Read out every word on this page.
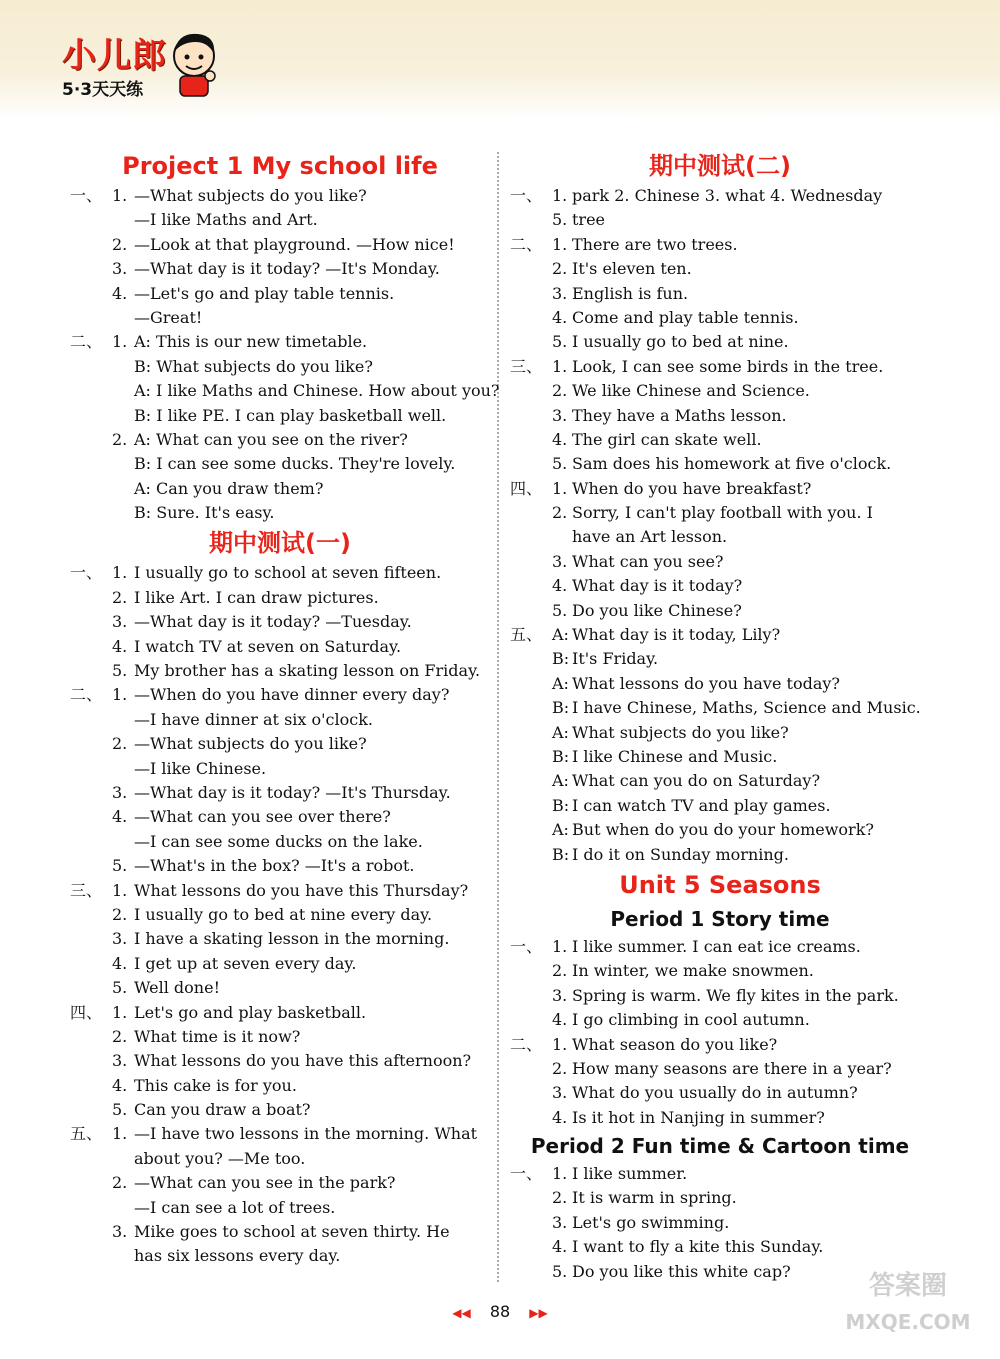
小儿郎
5·3天天练
Project 1 My school life
一、 1. —What subjects do you like?
—I like Maths and Art.
2. —Look at that playground. —How nice!
3. —What day is it today? —It's Monday.
4. —Let's go and play table tennis.
—Great!
二、 1. A: This is our new timetable.
B: What subjects do you like?
A: I like Maths and Chinese. How about you?
B: I like PE. I can play basketball well.
2. A: What can you see on the river?
B: I can see some ducks. They're lovely.
A: Can you draw them?
B: Sure. It's easy.
期中测试(一)
一、 1. I usually go to school at seven fifteen.
2. I like Art. I can draw pictures.
3. —What day is it today? —Tuesday.
4. I watch TV at seven on Saturday.
5. My brother has a skating lesson on Friday.
二、 1. —When do you have dinner every day?
—I have dinner at six o'clock.
2. —What subjects do you like?
—I like Chinese.
3. —What day is it today? —It's Thursday.
4. —What can you see over there?
—I can see some ducks on the lake.
5. —What's in the box? —It's a robot.
三、 1. What lessons do you have this Thursday?
2. I usually go to bed at nine every day.
3. I have a skating lesson in the morning.
4. I get up at seven every day.
5. Well done!
四、 1. Let's go and play basketball.
2. What time is it now?
3. What lessons do you have this afternoon?
4. This cake is for you.
5. Can you draw a boat?
五、 1. —I have two lessons in the morning. What
about you? —Me too.
2. —What can you see in the park?
—I can see a lot of trees.
3. Mike goes to school at seven thirty. He
has six lessons every day.
期中测试(二)
一、 1. park 2. Chinese 3. what 4. Wednesday
5. tree
二、 1. There are two trees.
2. It's eleven ten.
3. English is fun.
4. Come and play table tennis.
5. I usually go to bed at nine.
三、 1. Look, I can see some birds in the tree.
2. We like Chinese and Science.
3. They have a Maths lesson.
4. The girl can skate well.
5. Sam does his homework at five o'clock.
四、 1. When do you have breakfast?
2. Sorry, I can't play football with you. I
have an Art lesson.
3. What can you see?
4. What day is it today?
5. Do you like Chinese?
五、 A: What day is it today, Lily?
B: It's Friday.
A: What lessons do you have today?
B: I have Chinese, Maths, Science and Music.
A: What subjects do you like?
B: I like Chinese and Music.
A: What can you do on Saturday?
B: I can watch TV and play games.
A: But when do you do your homework?
B: I do it on Sunday morning.
Unit 5 Seasons
Period 1 Story time
一、 1. I like summer. I can eat ice creams.
2. In winter, we make snowmen.
3. Spring is warm. We fly kites in the park.
4. I go climbing in cool autumn.
二、 1. What season do you like?
2. How many seasons are there in a year?
3. What do you usually do in autumn?
4. Is it hot in Nanjing in summer?
Period 2 Fun time & Cartoon time
一、 1. I like summer.
2. It is warm in spring.
3. Let's go swimming.
4. I want to fly a kite this Sunday.
5. Do you like this white cap?
◀◀ 88 ▶▶
答案圈
MXQE.COM
